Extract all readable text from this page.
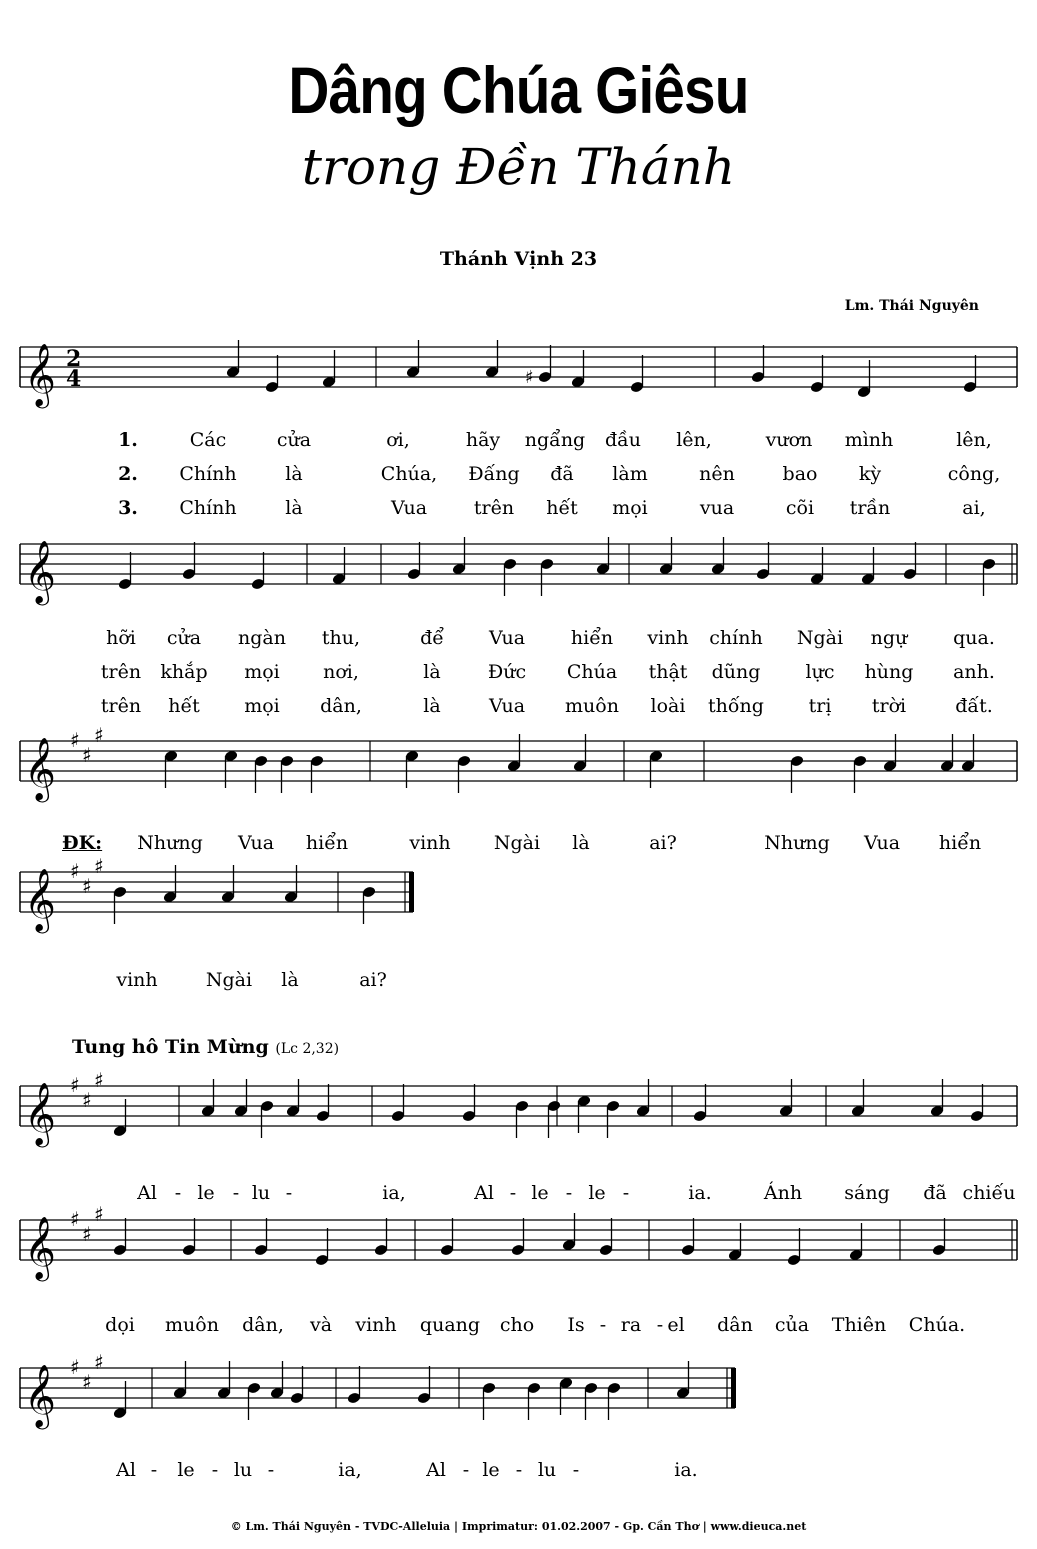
Dâng Chúa Giêsu
trong Đền Thánh
Thánh Vịnh 23
Lm. Thái Nguyên
𝄞 2
4	♯
𝄞
𝄞 ♯
♯
♯
𝄞 ♯
♯
♯
𝄞 ♯
♯
♯
𝄞 ♯
♯
♯
𝄞 ♯
♯
♯
1.	Các	cửa	ơi,	hãy ngẩng đầu lên,	vươn mình	lên,
2. Chính	là	Chúa, Đấng đã làm	nên	bao kỳ	công,
3. Chính	là	Vua trên hết mọi	vua	cõi trần	ai,
hỡi cửa ngàn thu,	để Vua hiển vinh chính Ngài ngự qua.
trên khắp mọi nơi,	là Đức Chúa thật dũng lực hùng anh.
trên hết mọi dân,	là	Vua muôn loài thống trị trời	đất.
Nhưng Vua hiển	vinh Ngài là	ai?	Nhưng Vua hiển
vinh	Ngài là	ai?
Al - le - lu -	ia,	Al - le - le -	ia.	Ánh sáng đã chiếu
dọi muôn dân, và vinh quang cho Is - ra - el dân của Thiên Chúa.
Al - le - lu -	ia,	Al - le - lu -	ia.
ĐK:
Tung hô Tin Mừng (Lc 2,32)
© Lm. Thái Nguyên - TVDC-Alleluia | Imprimatur: 01.02.2007 - Gp. Cần Thơ | www.dieuca.net
